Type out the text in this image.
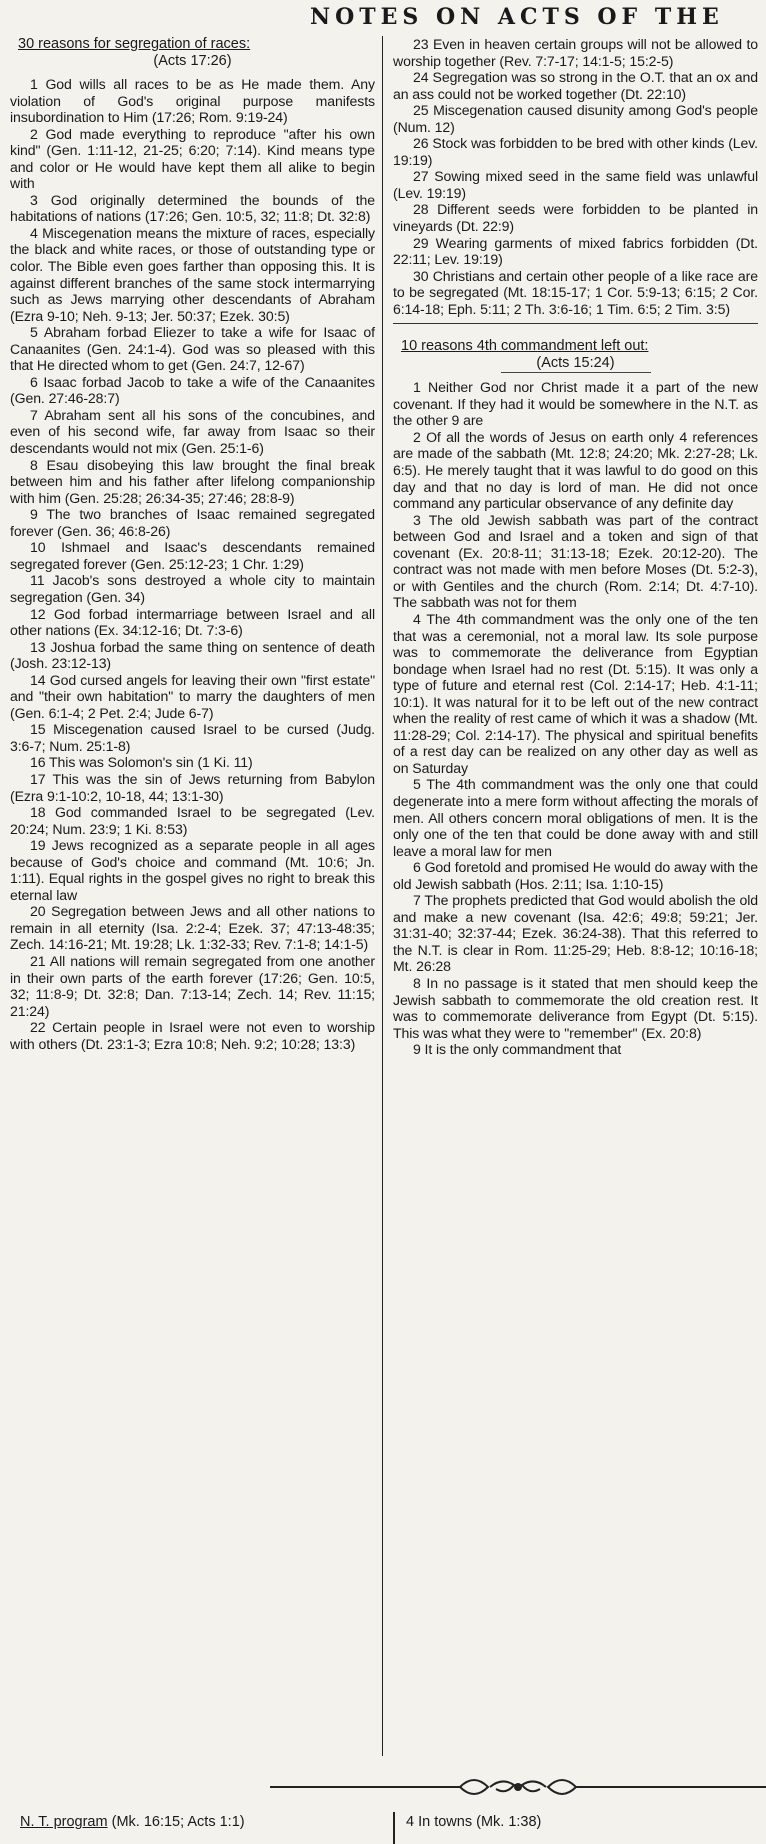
NOTES ON ACTS OF THE

30 reasons for segregation of races:

(Acts 17:26)

1 God wills all races to be as He made them. Any violation of God's original purpose manifests insubordination to Him (17:26; Rom. 9:19-24)

2 God made everything to reproduce "after his own kind" (Gen. 1:11-12, 21-25; 6:20; 7:14). Kind means type and color or He would have kept them all alike to begin with

3 God originally determined the bounds of the habitations of nations (17:26; Gen. 10:5, 32; 11:8; Dt. 32:8)

4 Miscegenation means the mixture of races, especially the black and white races, or those of outstanding type or color. The Bible even goes farther than opposing this. It is against different branches of the same stock intermarrying such as Jews marrying other descendants of Abraham (Ezra 9-10; Neh. 9-13; Jer. 50:37; Ezek. 30:5)

5 Abraham forbad Eliezer to take a wife for Isaac of Canaanites (Gen. 24:1-4). God was so pleased with this that He directed whom to get (Gen. 24:7, 12-67)

6 Isaac forbad Jacob to take a wife of the Canaanites (Gen. 27:46-28:7)

7 Abraham sent all his sons of the concubines, and even of his second wife, far away from Isaac so their descendants would not mix (Gen. 25:1-6)

8 Esau disobeying this law brought the final break between him and his father after lifelong companionship with him (Gen. 25:28; 26:34-35; 27:46; 28:8-9)

9 The two branches of Isaac remained segregated forever (Gen. 36; 46:8-26)

10 Ishmael and Isaac's descendants remained segregated forever (Gen. 25:12-23; 1 Chr. 1:29)

11 Jacob's sons destroyed a whole city to maintain segregation (Gen. 34)

12 God forbad intermarriage between Israel and all other nations (Ex. 34:12-16; Dt. 7:3-6)

13 Joshua forbad the same thing on sentence of death (Josh. 23:12-13)

14 God cursed angels for leaving their own "first estate" and "their own habitation" to marry the daughters of men (Gen. 6:1-4; 2 Pet. 2:4; Jude 6-7)

15 Miscegenation caused Israel to be cursed (Judg. 3:6-7; Num. 25:1-8)

16 This was Solomon's sin (1 Ki. 11)

17 This was the sin of Jews returning from Babylon (Ezra 9:1-10:2, 10-18, 44; 13:1-30)

18 God commanded Israel to be segregated (Lev. 20:24; Num. 23:9; 1 Ki. 8:53)

19 Jews recognized as a separate people in all ages because of God's choice and command (Mt. 10:6; Jn. 1:11). Equal rights in the gospel gives no right to break this eternal law

20 Segregation between Jews and all other nations to remain in all eternity (Isa. 2:2-4; Ezek. 37; 47:13-48:35; Zech. 14:16-21; Mt. 19:28; Lk. 1:32-33; Rev. 7:1-8; 14:1-5)

21 All nations will remain segregated from one another in their own parts of the earth forever (17:26; Gen. 10:5, 32; 11:8-9; Dt. 32:8; Dan. 7:13-14; Zech. 14; Rev. 11:15; 21:24)

22 Certain people in Israel were not even to worship with others (Dt. 23:1-3; Ezra 10:8; Neh. 9:2; 10:28; 13:3)

23 Even in heaven certain groups will not be allowed to worship together (Rev. 7:7-17; 14:1-5; 15:2-5)

24 Segregation was so strong in the O.T. that an ox and an ass could not be worked together (Dt. 22:10)

25 Miscegenation caused disunity among God's people (Num. 12)

26 Stock was forbidden to be bred with other kinds (Lev. 19:19)

27 Sowing mixed seed in the same field was unlawful (Lev. 19:19)

28 Different seeds were forbidden to be planted in vineyards (Dt. 22:9)

29 Wearing garments of mixed fabrics forbidden (Dt. 22:11; Lev. 19:19)

30 Christians and certain other people of a like race are to be segregated (Mt. 18:15-17; 1 Cor. 5:9-13; 6:15; 2 Cor. 6:14-18; Eph. 5:11; 2 Th. 3:6-16; 1 Tim. 6:5; 2 Tim. 3:5)

10 reasons 4th commandment left out:

(Acts 15:24)

1 Neither God nor Christ made it a part of the new covenant. If they had it would be somewhere in the N.T. as the other 9 are

2 Of all the words of Jesus on earth only 4 references are made of the sabbath (Mt. 12:8; 24:20; Mk. 2:27-28; Lk. 6:5). He merely taught that it was lawful to do good on this day and that no day is lord of man. He did not once command any particular observance of any definite day

3 The old Jewish sabbath was part of the contract between God and Israel and a token and sign of that covenant (Ex. 20:8-11; 31:13-18; Ezek. 20:12-20). The contract was not made with men before Moses (Dt. 5:2-3), or with Gentiles and the church (Rom. 2:14; Dt. 4:7-10). The sabbath was not for them

4 The 4th commandment was the only one of the ten that was a ceremonial, not a moral law. Its sole purpose was to commemorate the deliverance from Egyptian bondage when Israel had no rest (Dt. 5:15). It was only a type of future and eternal rest (Col. 2:14-17; Heb. 4:1-11; 10:1). It was natural for it to be left out of the new contract when the reality of rest came of which it was a shadow (Mt. 11:28-29; Col. 2:14-17). The physical and spiritual benefits of a rest day can be realized on any other day as well as on Saturday

5 The 4th commandment was the only one that could degenerate into a mere form without affecting the morals of men. All others concern moral obligations of men. It is the only one of the ten that could be done away with and still leave a moral law for men

6 God foretold and promised He would do away with the old Jewish sabbath (Hos. 2:11; Isa. 1:10-15)

7 The prophets predicted that God would abolish the old and make a new covenant (Isa. 42:6; 49:8; 59:21; Jer. 31:31-40; 32:37-44; Ezek. 36:24-38). That this referred to the N.T. is clear in Rom. 11:25-29; Heb. 8:8-12; 10:16-18; Mt. 26:28

8 In no passage is it stated that men should keep the Jewish sabbath to commemorate the old creation rest. It was to commemorate deliverance from Egypt (Dt. 5:15). This was what they were to "remember" (Ex. 20:8)

9 It is the only commandment that

N. T. program (Mk. 16:15; Acts 1:1)	4 In towns (Mk. 1:38)
